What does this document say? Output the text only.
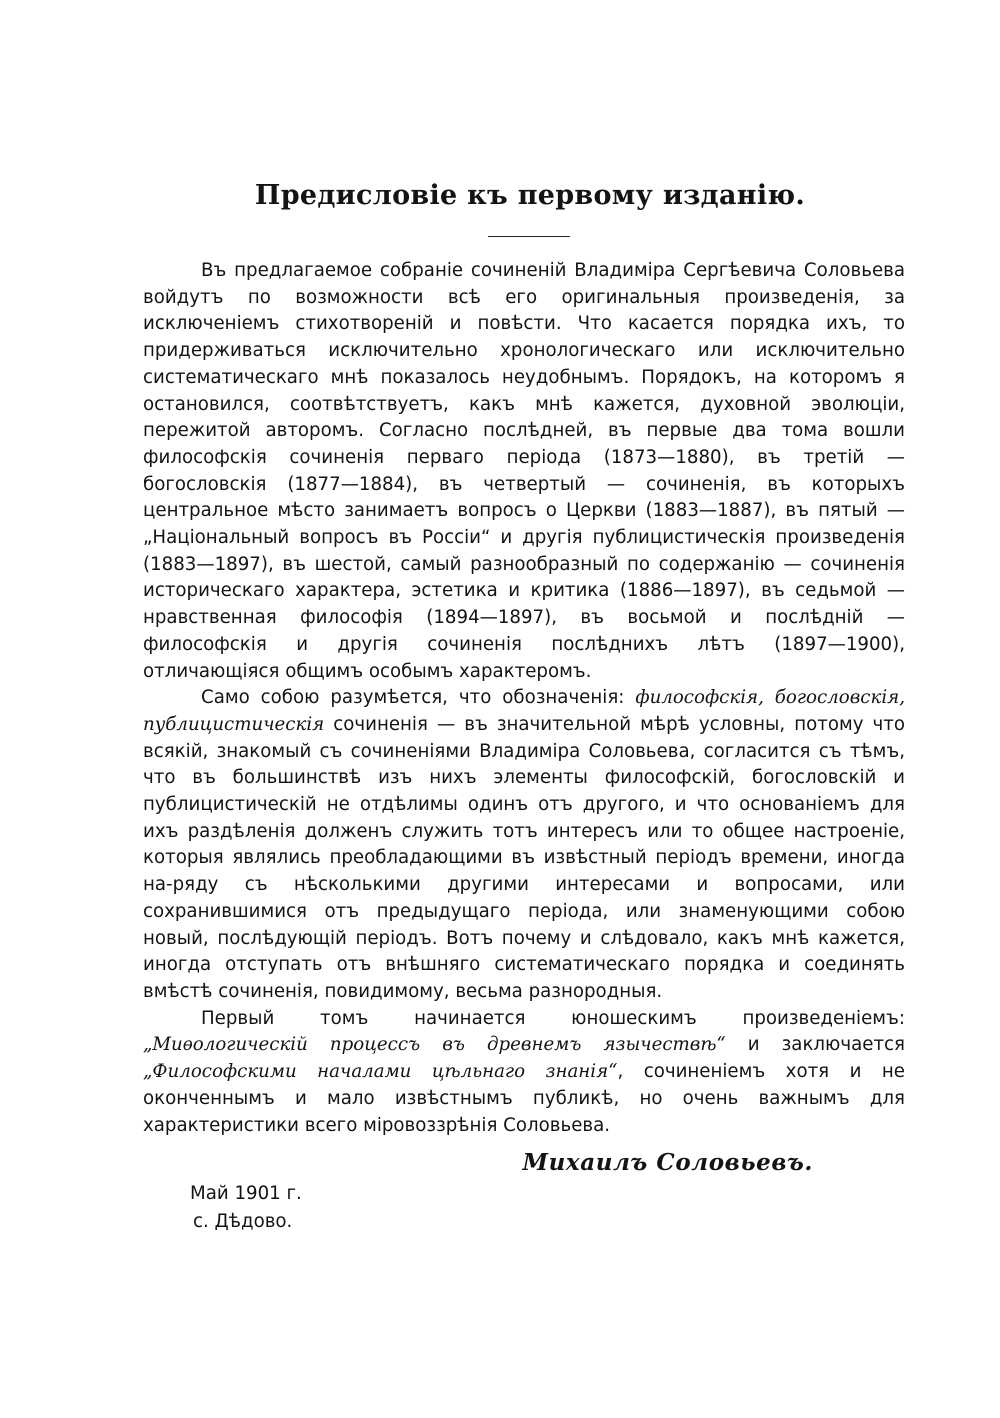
Предисловіе къ первому изданію.

Въ предлагаемое собраніе сочиненій Владиміра Сергѣевича Соловьева войдутъ по возможности всѣ его оригинальныя произведенія, за исключеніемъ стихотвореній и повѣсти. Что касается порядка ихъ, то придерживаться исключительно хронологическаго или исключительно систематическаго мнѣ показалось неудобнымъ. Порядокъ, на которомъ я остановился, соотвѣтствуетъ, какъ мнѣ кажется, духовной эволюціи, пережитой авторомъ. Согласно послѣдней, въ первые два тома вошли философскія сочиненія перваго періода (1873—1880), въ третій — богословскія (1877—1884), въ четвертый — сочиненія, въ которыхъ центральное мѣсто занимаетъ вопросъ о Церкви (1883—1887), въ пятый — „Національный вопросъ въ Россіи“ и другія публицистическія произведенія (1883—1897), въ шестой, самый разнообразный по содержанію — сочиненія историческаго характера, эстетика и критика (1886—1897), въ седьмой — нравственная философія (1894—1897), въ восьмой и послѣдній — философскія и другія сочиненія послѣднихъ лѣтъ (1897—1900), отличающіяся общимъ особымъ характеромъ.

Само собою разумѣется, что обозначенія: философскія, богословскія, публицистическія сочиненія — въ значительной мѣрѣ условны, потому что всякій, знакомый съ сочиненіями Владиміра Соловьева, согласится съ тѣмъ, что въ большинствѣ изъ нихъ элементы философскій, богословскій и публицистическій не отдѣлимы одинъ отъ другого, и что основаніемъ для ихъ раздѣленія долженъ служить тотъ интересъ или то общее настроеніе, которыя являлись преобладающими въ извѣстный періодъ времени, иногда на-ряду съ нѣсколькими другими интересами и вопросами, или сохранившимися отъ предыдущаго періода, или знаменующими собою новый, послѣдующій періодъ. Вотъ почему и слѣдовало, какъ мнѣ кажется, иногда отступать отъ внѣшняго систематическаго порядка и соединять вмѣстѣ сочиненія, повидимому, весьма разнородныя.

Первый томъ начинается юношескимъ произведеніемъ: „Миѳологическій процессъ въ древнемъ язычествѣ“ и заключается „Философскими началами цѣльнаго знанія“, сочиненіемъ хотя и не оконченнымъ и мало извѣстнымъ публикѣ, но очень важнымъ для характеристики всего міровоззрѣнія Соловьева.

Михаилъ Соловьевъ.

Май 1901 г.
с. Дѣдово.
